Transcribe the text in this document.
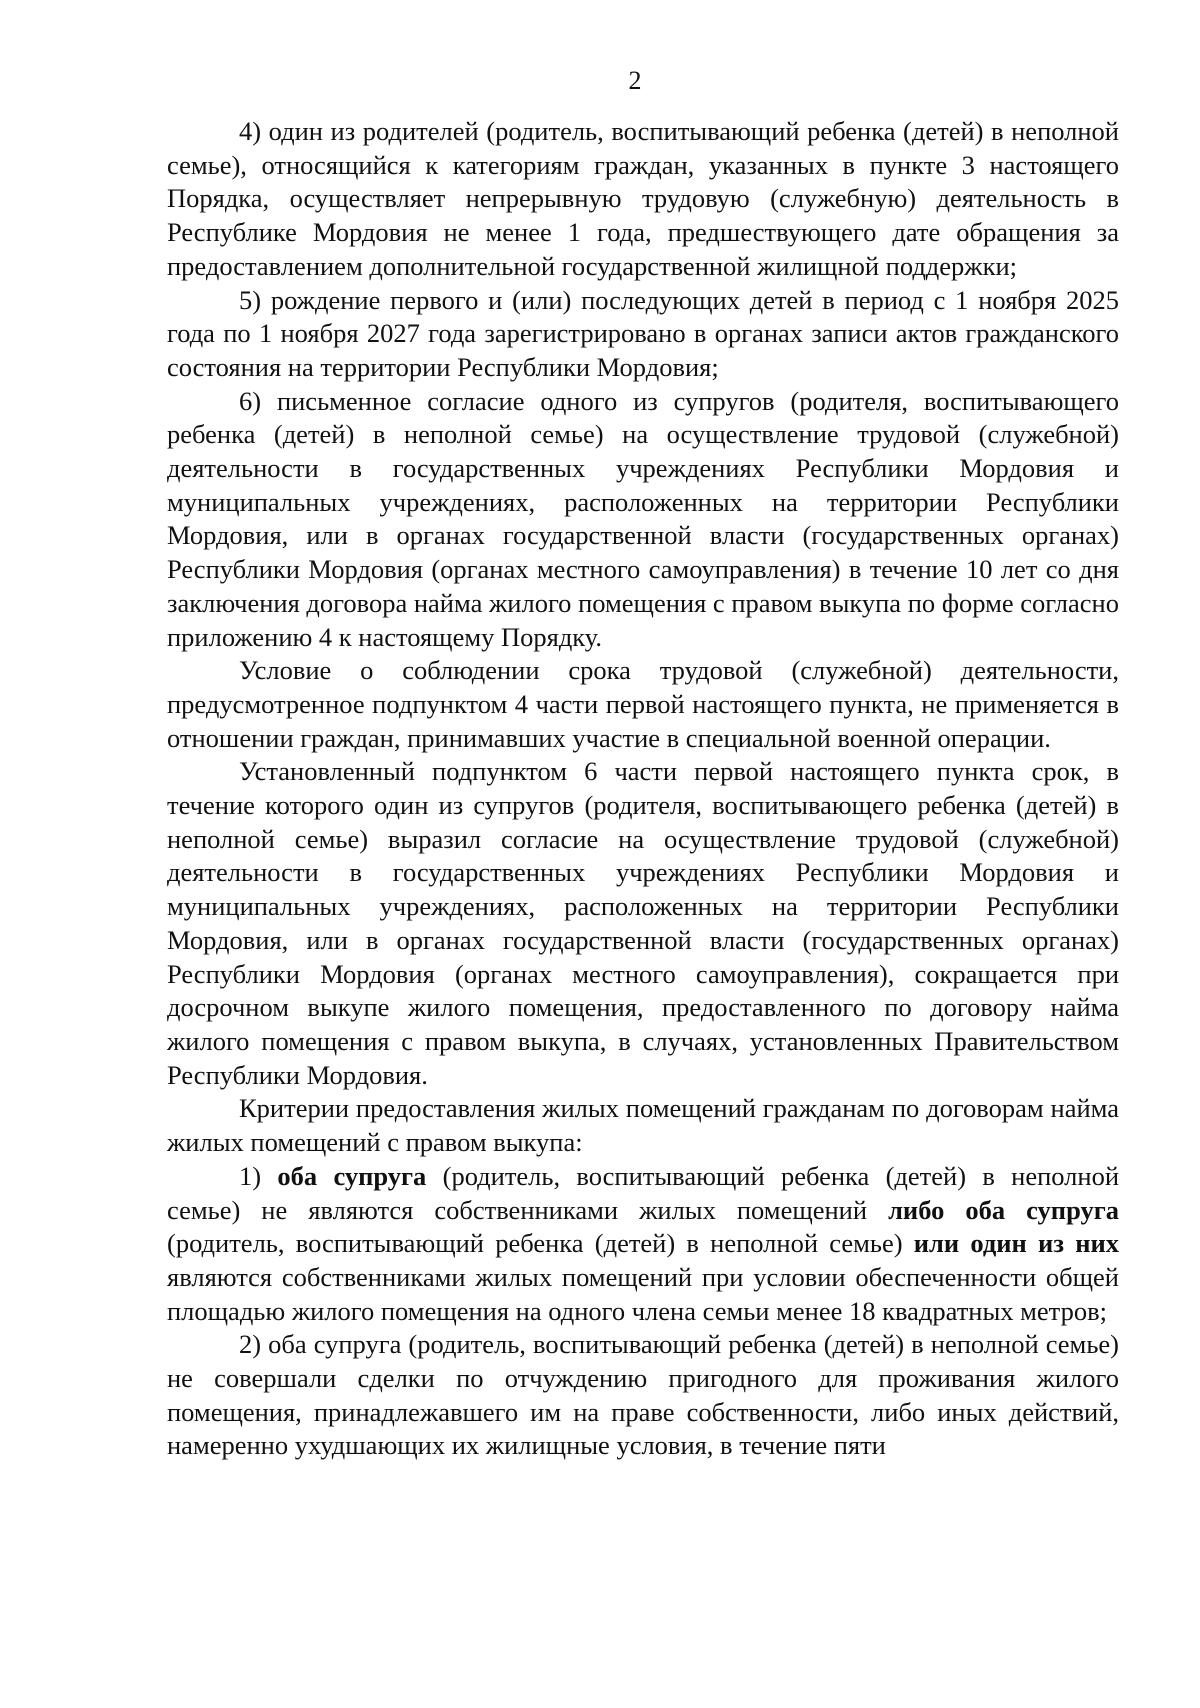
2

4) один из родителей (родитель, воспитывающий ребенка (детей) в неполной семье), относящийся к категориям граждан, указанных в пункте 3 настоящего Порядка, осуществляет непрерывную трудовую (служебную) деятельность в Республике Мордовия не менее 1 года, предшествующего дате обращения за предоставлением дополнительной государственной жилищной поддержки;

5) рождение первого и (или) последующих детей в период с 1 ноября 2025 года по 1 ноября 2027 года зарегистрировано в органах записи актов гражданского состояния на территории Республики Мордовия;

6) письменное согласие одного из супругов (родителя, воспитывающего ребенка (детей) в неполной семье) на осуществление трудовой (служебной) деятельности в государственных учреждениях Республики Мордовия и муниципальных учреждениях, расположенных на территории Республики Мордовия, или в органах государственной власти (государственных органах) Республики Мордовия (органах местного самоуправления) в течение 10 лет со дня заключения договора найма жилого помещения с правом выкупа по форме согласно приложению 4 к настоящему Порядку.

Условие о соблюдении срока трудовой (служебной) деятельности, предусмотренное подпунктом 4 части первой настоящего пункта, не применяется в отношении граждан, принимавших участие в специальной военной операции.

Установленный подпунктом 6 части первой настоящего пункта срок, в течение которого один из супругов (родителя, воспитывающего ребенка (детей) в неполной семье) выразил согласие на осуществление трудовой (служебной) деятельности в государственных учреждениях Республики Мордовия и муниципальных учреждениях, расположенных на территории Республики Мордовия, или в органах государственной власти (государственных органах) Республики Мордовия (органах местного самоуправления), сокращается при досрочном выкупе жилого помещения, предоставленного по договору найма жилого помещения с правом выкупа, в случаях, установленных Правительством Республики Мордовия.

Критерии предоставления жилых помещений гражданам по договорам найма жилых помещений с правом выкупа:

1) оба супруга (родитель, воспитывающий ребенка (детей) в неполной семье) не являются собственниками жилых помещений либо оба супруга (родитель, воспитывающий ребенка (детей) в неполной семье) или один из них являются собственниками жилых помещений при условии обеспеченности общей площадью жилого помещения на одного члена семьи менее 18 квадратных метров;

2) оба супруга (родитель, воспитывающий ребенка (детей) в неполной семье) не совершали сделки по отчуждению пригодного для проживания жилого помещения, принадлежавшего им на праве собственности, либо иных действий, намеренно ухудшающих их жилищные условия, в течение пяти
